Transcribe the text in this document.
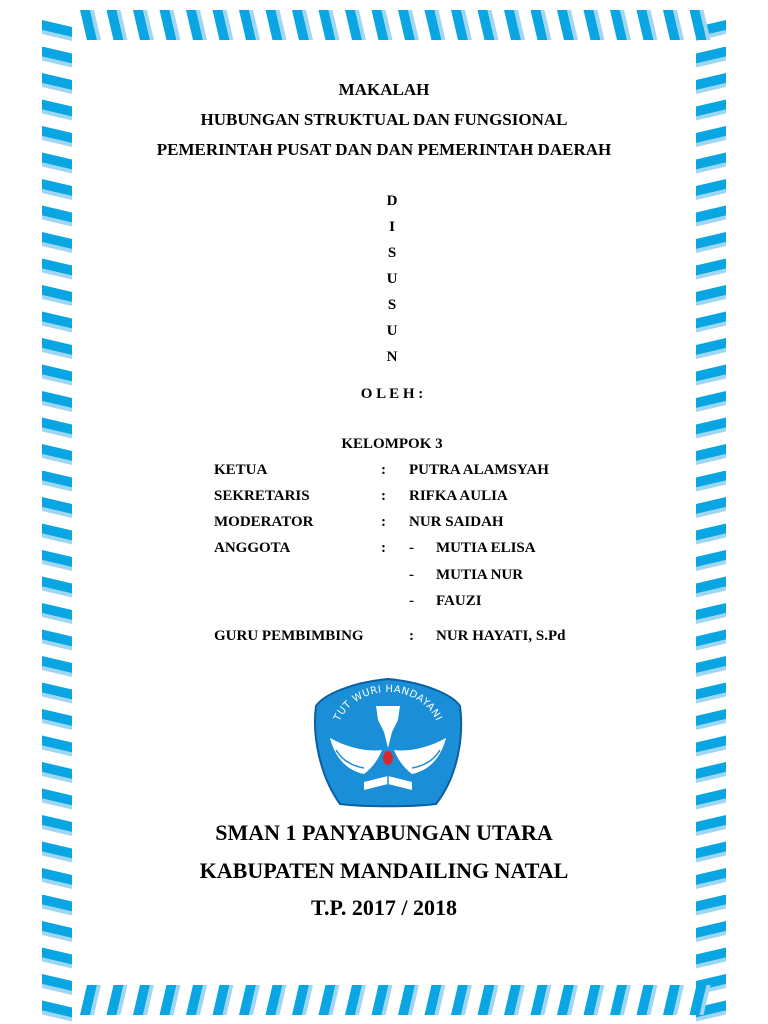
MAKALAH
HUBUNGAN STRUKTUAL DAN FUNGSIONAL
PEMERINTAH PUSAT DAN DAN PEMERINTAH DAERAH
D
I
S
U
S
U
N
O L E H :
KELOMPOK 3
KETUA	: PUTRA ALAMSYAH
SEKRETARIS	: RIFKA AULIA
MODERATOR	: NUR SAIDAH
ANGGOTA	: - MUTIA ELISA
- MUTIA NUR
- FAUZI
GURU PEMBIMBING	: NUR HAYATI, S.Pd
TUT WURI HANDAYANI
SMAN 1 PANYABUNGAN UTARA
KABUPATEN MANDAILING NATAL
T.P. 2017 / 2018
